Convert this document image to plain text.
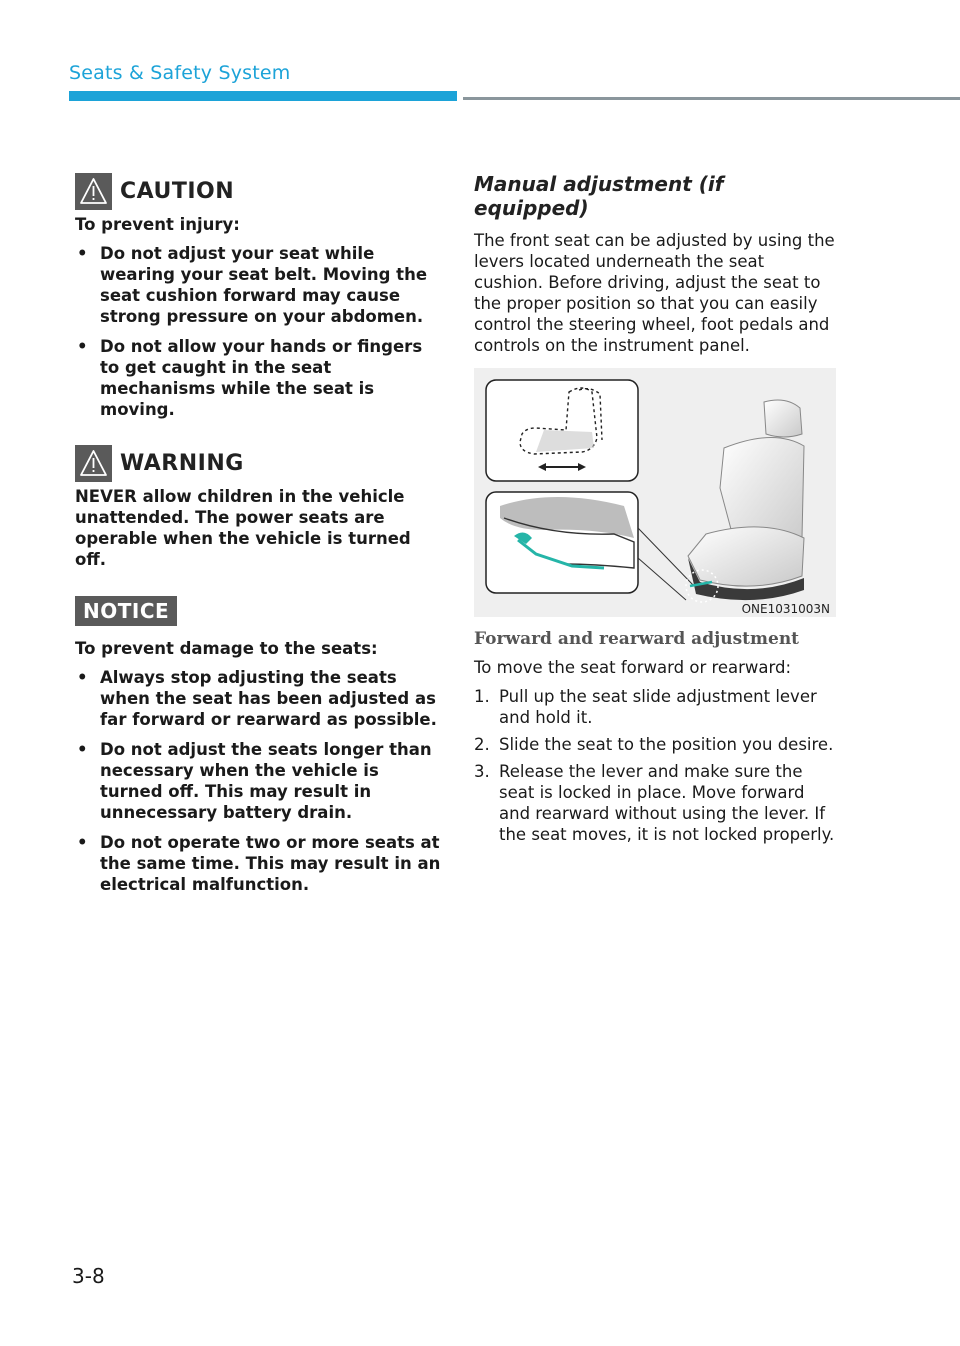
Seats & Safety System
CAUTION

To prevent injury:

• Do not adjust your seat while wearing your seat belt. Moving the seat cushion forward may cause strong pressure on your abdomen.
• Do not allow your hands or fingers to get caught in the seat mechanisms while the seat is moving.
WARNING

NEVER allow children in the vehicle unattended. The power seats are operable when the vehicle is turned off.

NOTICE

To prevent damage to the seats:

• Always stop adjusting the seats when the seat has been adjusted as far forward or rearward as possible.
• Do not adjust the seats longer than necessary when the vehicle is turned off. This may result in unnecessary battery drain.
• Do not operate two or more seats at the same time. This may result in an electrical malfunction.

Manual adjustment (if equipped)

The front seat can be adjusted by using the levers located underneath the seat cushion. Before driving, adjust the seat to the proper position so that you can easily control the steering wheel, foot pedals and controls on the instrument panel.

ONE1031003N

Forward and rearward adjustment

To move the seat forward or rearward:

1. Pull up the seat slide adjustment lever and hold it.
2. Slide the seat to the position you desire.
3. Release the lever and make sure the seat is locked in place. Move forward and rearward without using the lever. If the seat moves, it is not locked properly.
3-8
